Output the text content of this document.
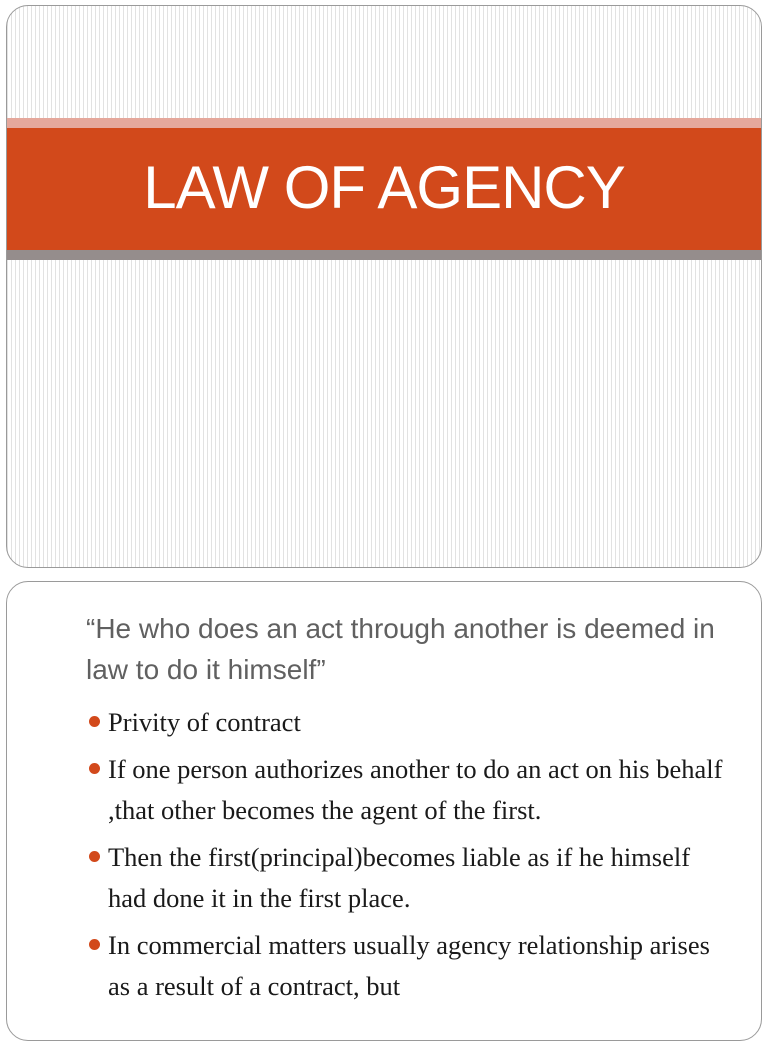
LAW OF AGENCY
“He who does an act through another is deemed in law to do it himself”
Privity of contract
If one person authorizes another to do an act on his behalf ,that other becomes the agent of the first.
Then the first(principal)becomes liable as if he himself had done it in the first place.
In commercial matters usually agency relationship arises as a result of a contract, but
